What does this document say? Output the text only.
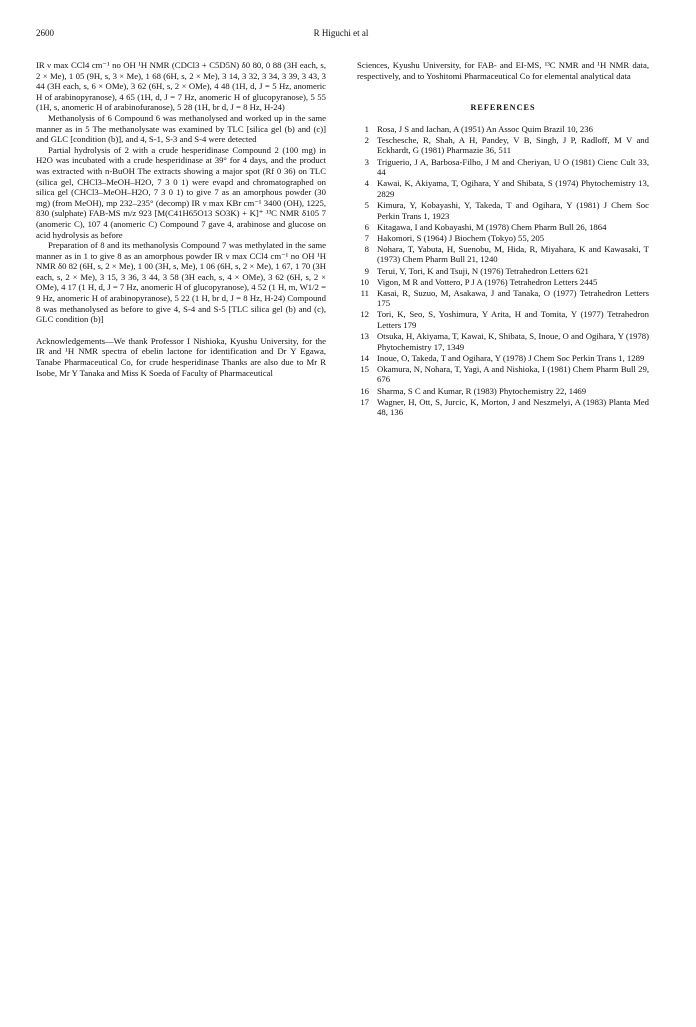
2600	R Higuchi et al

IR ν max CCl4 cm⁻¹ no OH ¹H NMR (CDCl3 + C5D5N) δ0 80, 0 88 (3H each, s, 2 × Me), 1 05 (9H, s, 3 × Me), 1 68 (6H, s, 2 × Me), 3 14, 3 32, 3 34, 3 39, 3 43, 3 44 (3H each, s, 6 × OMe), 3 62 (6H, s, 2 × OMe), 4 48 (1H, d, J = 5 Hz, anomeric H of arabinopyranose), 4 65 (1H, d, J = 7 Hz, anomeric H of glucopyranose), 5 55 (1H, s, anomeric H of arabinofuranose), 5 28 (1H, br d, J = 8 Hz, H-24)

Methanolysis of 6 Compound 6 was methanolysed and worked up in the same manner as in 5 The methanolysate was examined by TLC [silica gel (b) and (c)] and GLC [condition (b)], and 4, S-1, S-3 and S-4 were detected

Partial hydrolysis of 2 with a crude hesperidinase Compound 2 (100 mg) in H2O was incubated with a crude hesperidinase at 39° for 4 days, and the product was extracted with n-BuOH The extracts showing a major spot (Rf 0 36) on TLC (silica gel, CHCl3–MeOH–H2O, 7 3 0 1) were evapd and chromatographed on silica gel (CHCl3–MeOH–H2O, 7 3 0 1) to give 7 as an amorphous powder (30 mg) (from MeOH), mp 232–235° (decomp) IR ν max KBr cm⁻¹ 3400 (OH), 1225, 830 (sulphate) FAB-MS m/z 923 [M(C41H65O13 SO3K) + K]⁺ ¹³C NMR δ105 7 (anomeric C), 107 4 (anomeric C) Compound 7 gave 4, arabinose and glucose on acid hydrolysis as before

Preparation of 8 and its methanolysis Compound 7 was methylated in the same manner as in 1 to give 8 as an amorphous powder IR ν max CCl4 cm⁻¹ no OH ¹H NMR δ0 82 (6H, s, 2 × Me), 1 00 (3H, s, Me), 1 06 (6H, s, 2 × Me), 1 67, 1 70 (3H each, s, 2 × Me), 3 15, 3 36, 3 44, 3 58 (3H each, s, 4 × OMe), 3 62 (6H, s, 2 × OMe), 4 17 (1 H, d, J = 7 Hz, anomeric H of glucopyranose), 4 52 (1 H, m, W1/2 = 9 Hz, anomeric H of arabinopyranose), 5 22 (1 H, br d, J = 8 Hz, H-24) Compound 8 was methanolysed as before to give 4, S-4 and S-5 [TLC silica gel (b) and (c), GLC condition (b)]

Acknowledgements—We thank Professor I Nishioka, Kyushu University, for the IR and ¹H NMR spectra of ebelin lactone for identification and Dr Y Egawa, Tanabe Pharmaceutical Co, for crude hesperidinase Thanks are also due to Mr R Isobe, Mr Y Tanaka and Miss K Soeda of Faculty of Pharmaceutical

Sciences, Kyushu University, for FAB- and EI-MS, ¹³C NMR and ¹H NMR data, respectively, and to Yoshitomi Pharmaceutical Co for elemental analytical data

REFERENCES
1 Rosa, J S and Iachan, A (1951) An Assoc Quim Brazil 10, 236
2 Teschesche, R, Shah, A H, Pandey, V B, Singh, J P, Radloff, M V and Eckhardt, G (1981) Pharmazie 36, 511
3 Triguerio, J A, Barbosa-Filho, J M and Cheriyan, U O (1981) Cienc Cult 33, 44
4 Kawai, K, Akiyama, T, Ogihara, Y and Shibata, S (1974) Phytochemistry 13, 2829
5 Kimura, Y, Kobayashi, Y, Takeda, T and Ogihara, Y (1981) J Chem Soc Perkin Trans 1, 1923
6 Kitagawa, I and Kobayashi, M (1978) Chem Pharm Bull 26, 1864
7 Hakomori, S (1964) J Biochem (Tokyo) 55, 205
8 Nohara, T, Yabuta, H, Suenobu, M, Hida, R, Miyahara, K and Kawasaki, T (1973) Chem Pharm Bull 21, 1240
9 Terui, Y, Tori, K and Tsuji, N (1976) Tetrahedron Letters 621
10 Vigon, M R and Vottero, P J A (1976) Tetrahedron Letters 2445
11 Kasai, R, Suzuo, M, Asakawa, J and Tanaka, O (1977) Tetrahedron Letters 175
12 Tori, K, Seo, S, Yoshimura, Y Arita, H and Tomita, Y (1977) Tetrahedron Letters 179
13 Otsuka, H, Akiyama, T, Kawai, K, Shibata, S, Inoue, O and Ogihara, Y (1978) Phytochemistry 17, 1349
14 Inoue, O, Takeda, T and Ogihara, Y (1978) J Chem Soc Perkin Trans 1, 1289
15 Okamura, N, Nohara, T, Yagi, A and Nishioka, I (1981) Chem Pharm Bull 29, 676
16 Sharma, S C and Kumar, R (1983) Phytochemistry 22, 1469
17 Wagner, H, Ott, S, Jurcic, K, Morton, J and Neszmelyi, A (1983) Planta Med 48, 136
